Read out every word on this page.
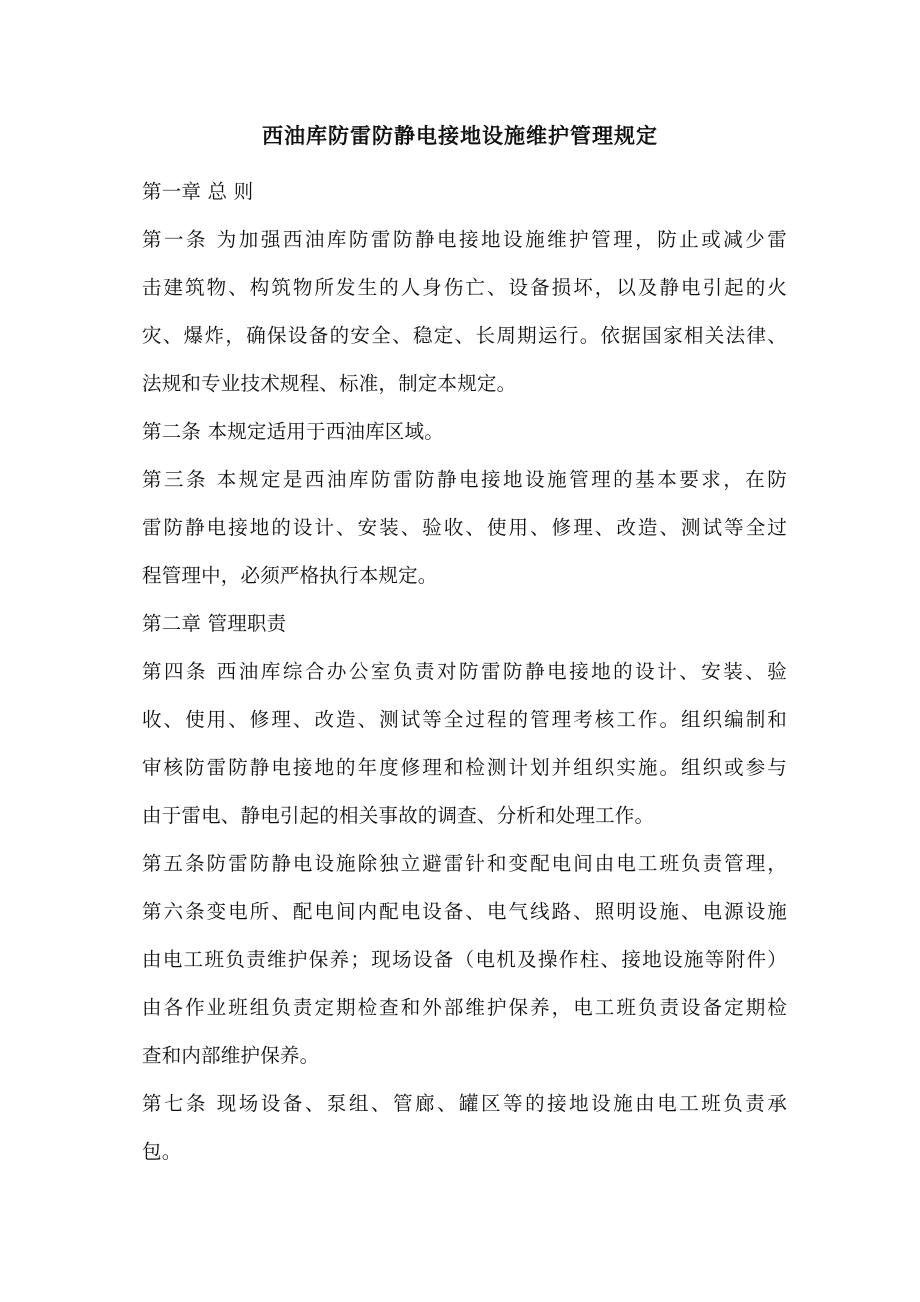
西油库防雷防静电接地设施维护管理规定
第一章 总 则
第一条 为加强西油库防雷防静电接地设施维护管理，防止或减少雷
击建筑物、构筑物所发生的人身伤亡、设备损坏，以及静电引起的火
灾、爆炸，确保设备的安全、稳定、长周期运行。依据国家相关法律、
法规和专业技术规程、标准，制定本规定。
第二条 本规定适用于西油库区域。
第三条 本规定是西油库防雷防静电接地设施管理的基本要求，在防
雷防静电接地的设计、安装、验收、使用、修理、改造、测试等全过
程管理中，必须严格执行本规定。
第二章 管理职责
第四条 西油库综合办公室负责对防雷防静电接地的设计、安装、验
收、使用、修理、改造、测试等全过程的管理考核工作。组织编制和
审核防雷防静电接地的年度修理和检测计划并组织实施。组织或参与
由于雷电、静电引起的相关事故的调查、分析和处理工作。
第五条防雷防静电设施除独立避雷针和变配电间由电工班负责管理，
第六条变电所、配电间内配电设备、电气线路、照明设施、电源设施
由电工班负责维护保养；现场设备（电机及操作柱、接地设施等附件）
由各作业班组负责定期检查和外部维护保养，电工班负责设备定期检
查和内部维护保养。
第七条 现场设备、泵组、管廊、罐区等的接地设施由电工班负责承
包。
